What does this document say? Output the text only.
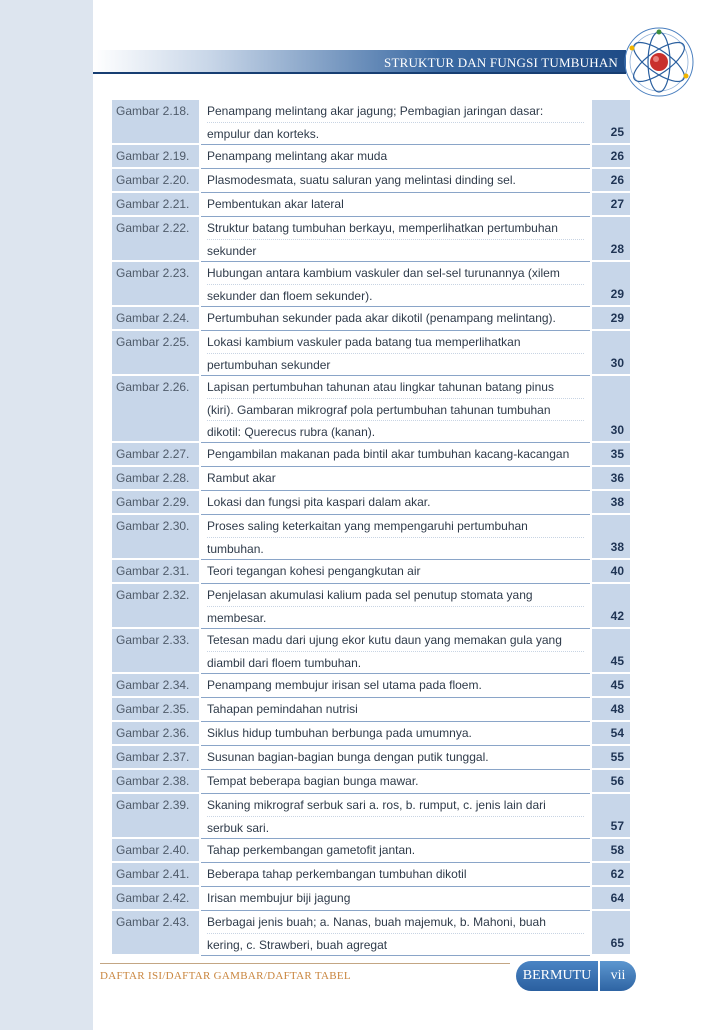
STRUKTUR DAN FUNGSI TUMBUHAN
Gambar 2.18.	Penampang melintang akar jagung; Pembagian jaringan dasar:
empulur dan korteks.	25
Gambar 2.19.	Penampang melintang akar muda	26
Gambar 2.20.	Plasmodesmata, suatu saluran yang melintasi dinding sel.	26
Gambar 2.21.	Pembentukan akar lateral	27
Gambar 2.22.	Struktur batang tumbuhan berkayu, memperlihatkan pertumbuhan
sekunder	28
Gambar 2.23.	Hubungan antara kambium vaskuler dan sel-sel turunannya (xilem
sekunder dan floem sekunder).	29
Gambar 2.24.	Pertumbuhan sekunder pada akar dikotil (penampang melintang).	29
Gambar 2.25.	Lokasi kambium vaskuler pada batang tua memperlihatkan
pertumbuhan sekunder	30
Gambar 2.26.	Lapisan pertumbuhan tahunan atau lingkar tahunan batang pinus
(kiri). Gambaran mikrograf pola pertumbuhan tahunan tumbuhan
dikotil: Querecus rubra (kanan).	30
Gambar 2.27.	Pengambilan makanan pada bintil akar tumbuhan kacang-kacangan	35
Gambar 2.28.	Rambut akar	36
Gambar 2.29.	Lokasi dan fungsi pita kaspari dalam akar.	38
Gambar 2.30.	Proses saling keterkaitan yang mempengaruhi pertumbuhan
tumbuhan.	38
Gambar 2.31.	Teori tegangan kohesi pengangkutan air	40
Gambar 2.32.	Penjelasan akumulasi kalium pada sel penutup stomata yang
membesar.	42
Gambar 2.33.	Tetesan madu dari ujung ekor kutu daun yang memakan gula yang
diambil dari floem tumbuhan.	45
Gambar 2.34.	Penampang membujur irisan sel utama pada floem.	45
Gambar 2.35.	Tahapan pemindahan nutrisi	48
Gambar 2.36.	Siklus hidup tumbuhan berbunga pada umumnya.	54
Gambar 2.37.	Susunan bagian-bagian bunga dengan putik tunggal.	55
Gambar 2.38.	Tempat beberapa bagian bunga mawar.	56
Gambar 2.39.	Skaning mikrograf serbuk sari a. ros, b. rumput, c. jenis lain dari
serbuk sari.	57
Gambar 2.40.	Tahap perkembangan gametofit jantan.	58
Gambar 2.41.	Beberapa tahap perkembangan tumbuhan dikotil	62
Gambar 2.42.	Irisan membujur biji jagung	64
Gambar 2.43.	Berbagai jenis buah; a. Nanas, buah majemuk, b. Mahoni, buah
kering, c. Strawberi, buah agregat	65
DAFTAR ISI/DAFTAR GAMBAR/DAFTAR TABEL	BERMUTU	vii
